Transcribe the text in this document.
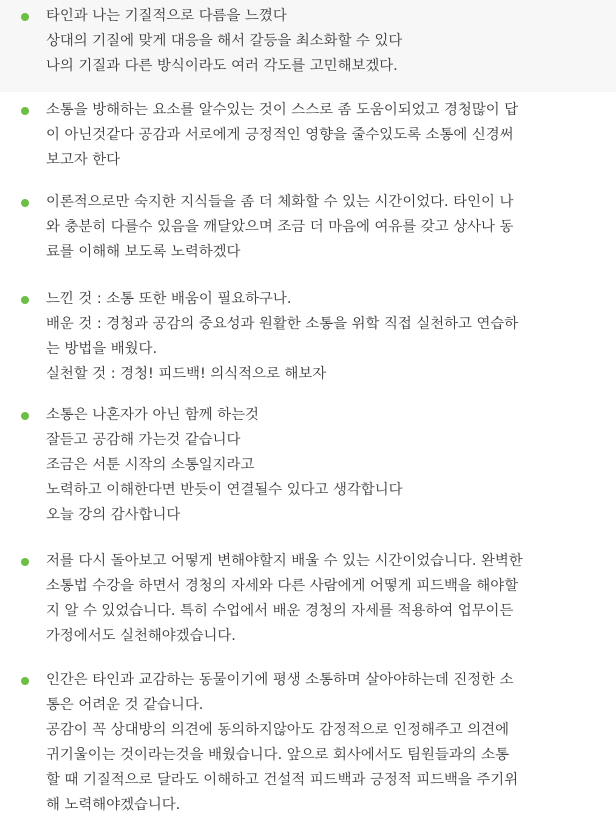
타인과 나는 기질적으로 다름을 느꼈다
상대의 기질에 맞게 대응을 해서 갈등을 최소화할 수 있다
나의 기질과 다른 방식이라도 여러 각도를 고민해보겠다.
소통을 방해하는 요소를 알수있는 것이 스스로 좀 도움이되었고 경청많이 답
이 아닌것같다 공감과 서로에게 긍정적인 영향을 줄수있도록 소통에 신경써
보고자 한다
이론적으로만 숙지한 지식들을 좀 더 체화할 수 있는 시간이었다. 타인이 나
와 충분히 다를수 있음을 깨달았으며 조금 더 마음에 여유를 갖고 상사나 동
료를 이해해 보도록 노력하겠다
느낀 것 : 소통 또한 배움이 필요하구나.
배운 것 : 경청과 공감의 중요성과 원활한 소통을 위핰 직접 실천하고 연습하
는 방법을 배웠다.
실천할 것 : 경청! 피드백! 의식적으로 해보자
소통은 나혼자가 아닌 함께 하는것
잘듣고 공감해 가는것 같습니다
조금은 서툰 시작의 소통일지라고
노력하고 이해한다면 반듯이 연결될수 있다고 생각합니다
오늘 강의 감사합니다
저를 다시 돌아보고 어떻게 변해야할지 배울 수 있는 시간이었습니다. 완벽한
소통법 수강을 하면서 경청의 자세와 다른 사람에게 어떻게 피드백을 해야할
지 알 수 있었습니다. 특히 수업에서 배운 경청의 자세를 적용하여 업무이든
가정에서도 실천해야겠습니다.
인간은 타인과 교감하는 동물이기에 평생 소통하며 살아야하는데 진정한 소
통은 어려운 것 같습니다.
공감이 꼭 상대방의 의견에 동의하지않아도 감정적으로 인정해주고 의견에
귀기울이는 것이라는것을 배웠습니다. 앞으로 회사에서도 팀원들과의 소통
할 때 기질적으로 달라도 이해하고 건설적 피드백과 긍정적 피드백을 주기위
해 노력해야겠습니다.
